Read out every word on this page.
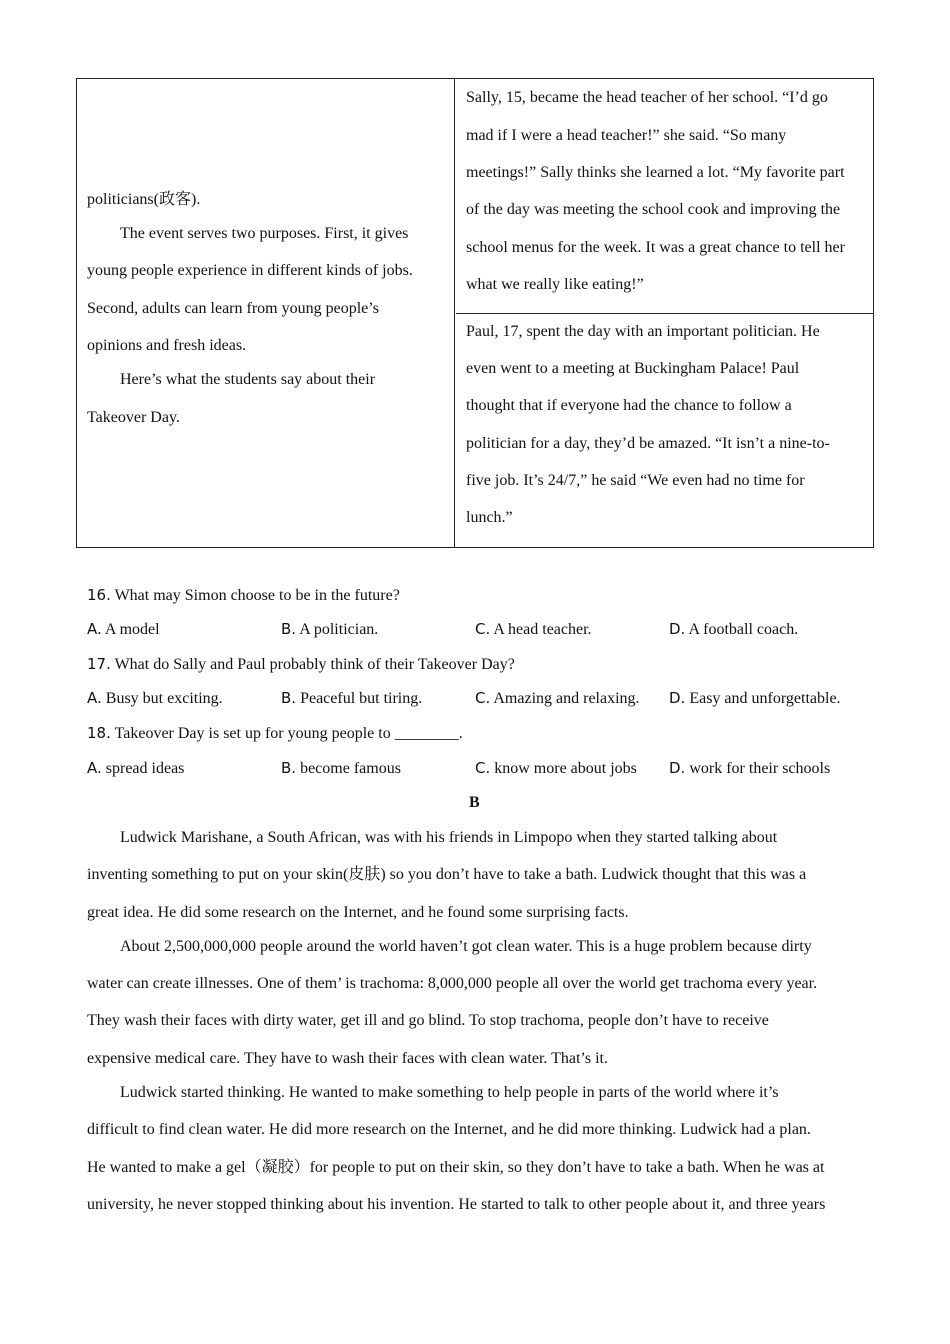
politicians(政客).
The event serves two purposes. First, it gives
young people experience in different kinds of jobs.
Second, adults can learn from young people’s
opinions and fresh ideas.
Here’s what the students say about their
Takeover Day.
Sally, 15, became the head teacher of her school. “I’d go
mad if I were a head teacher!” she said. “So many
meetings!” Sally thinks she learned a lot. “My favorite part
of the day was meeting the school cook and improving the
school menus for the week. It was a great chance to tell her
what we really like eating!”
Paul, 17, spent the day with an important politician. He
even went to a meeting at Buckingham Palace! Paul
thought that if everyone had the chance to follow a
politician for a day, they’d be amazed. “It isn’t a nine-to-
five job. It’s 24/7,” he said “We even had no time for
lunch.”
16. What may Simon choose to be in the future?
A. A model	B. A politician.	C. A head teacher.	D. A football coach.
17. What do Sally and Paul probably think of their Takeover Day?
A. Busy but exciting.	B. Peaceful but tiring.	C. Amazing and relaxing. D. Easy and unforgettable.
18. Takeover Day is set up for young people to ________.
A. spread ideas	B. become famous	C. know more about jobs D. work for their schools
B
Ludwick Marishane, a South African, was with his friends in Limpopo when they started talking about
inventing something to put on your skin(皮肤) so you don’t have to take a bath. Ludwick thought that this was a
great idea. He did some research on the Internet, and he found some surprising facts.
About 2,500,000,000 people around the world haven’t got clean water. This is a huge problem because dirty
water can create illnesses. One of them’ is trachoma: 8,000,000 people all over the world get trachoma every year.
They wash their faces with dirty water, get ill and go blind. To stop trachoma, people don’t have to receive
expensive medical care. They have to wash their faces with clean water. That’s it.
Ludwick started thinking. He wanted to make something to help people in parts of the world where it’s
difficult to find clean water. He did more research on the Internet, and he did more thinking. Ludwick had a plan.
He wanted to make a gel（凝胶）for people to put on their skin, so they don’t have to take a bath. When he was at
university, he never stopped thinking about his invention. He started to talk to other people about it, and three years
